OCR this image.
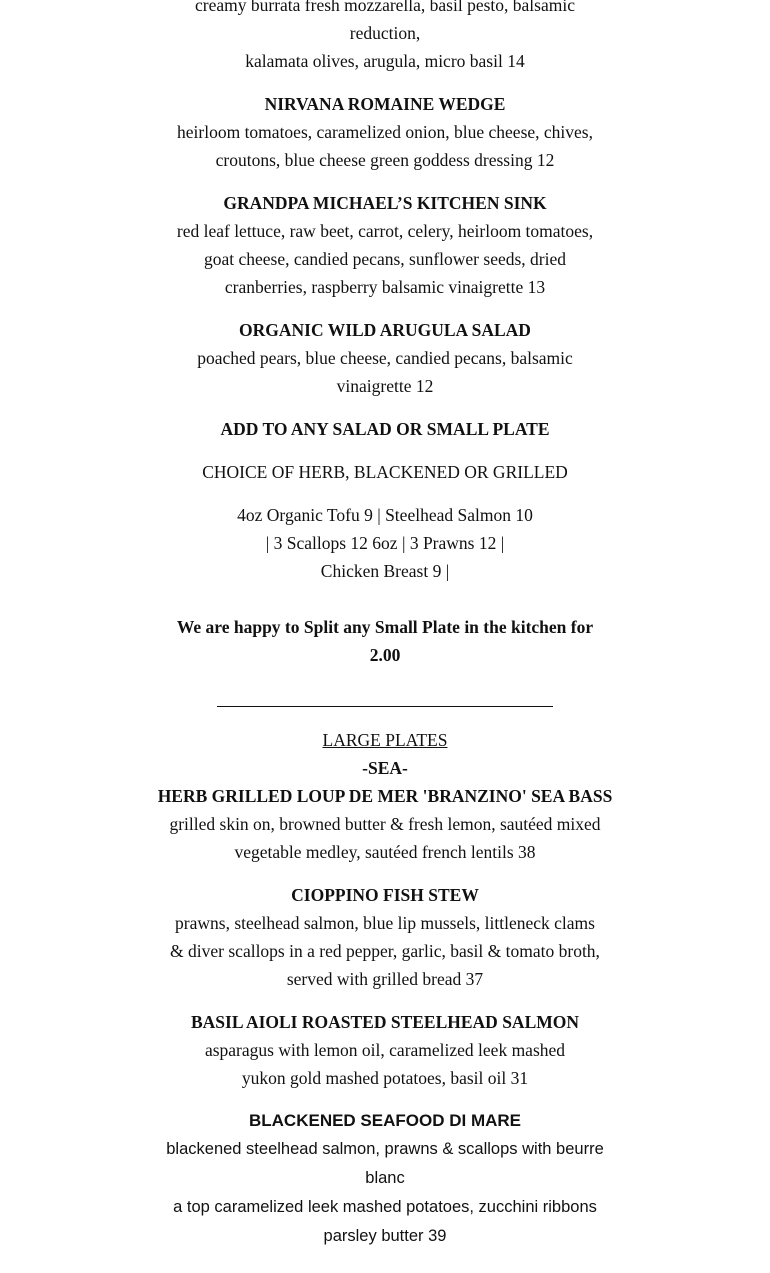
creamy burrata fresh mozzarella, basil pesto, balsamic
reduction,
kalamata olives, arugula, micro basil 14
NIRVANA ROMAINE WEDGE
heirloom tomatoes, caramelized onion, blue cheese, chives,
croutons, blue cheese green goddess dressing 12
GRANDPA MICHAEL’S KITCHEN SINK
red leaf lettuce, raw beet, carrot, celery, heirloom tomatoes,
goat cheese, candied pecans, sunflower seeds, dried
cranberries, raspberry balsamic vinaigrette 13
ORGANIC WILD ARUGULA SALAD
poached pears, blue cheese, candied pecans, balsamic
vinaigrette 12
ADD TO ANY SALAD OR SMALL PLATE
CHOICE OF HERB, BLACKENED OR GRILLED
4oz Organic Tofu 9 | Steelhead Salmon 10
| 3 Scallops 12 6oz | 3 Prawns 12 |
Chicken Breast 9 |
We are happy to Split any Small Plate in the kitchen for
2.00
LARGE PLATES
-SEA-
HERB GRILLED LOUP DE MER 'BRANZINO' SEA BASS
grilled skin on, browned butter & fresh lemon, sautéed mixed
vegetable medley, sautéed french lentils 38
CIOPPINO FISH STEW
prawns, steelhead salmon, blue lip mussels, littleneck clams
& diver scallops in a red pepper, garlic, basil & tomato broth,
served with grilled bread 37
BASIL AIOLI ROASTED STEELHEAD SALMON
asparagus with lemon oil, caramelized leek mashed
yukon gold mashed potatoes, basil oil 31
BLACKENED SEAFOOD DI MARE
blackened steelhead salmon, prawns & scallops with beurre
blanc
a top caramelized leek mashed potatoes, zucchini ribbons
parsley butter 39
